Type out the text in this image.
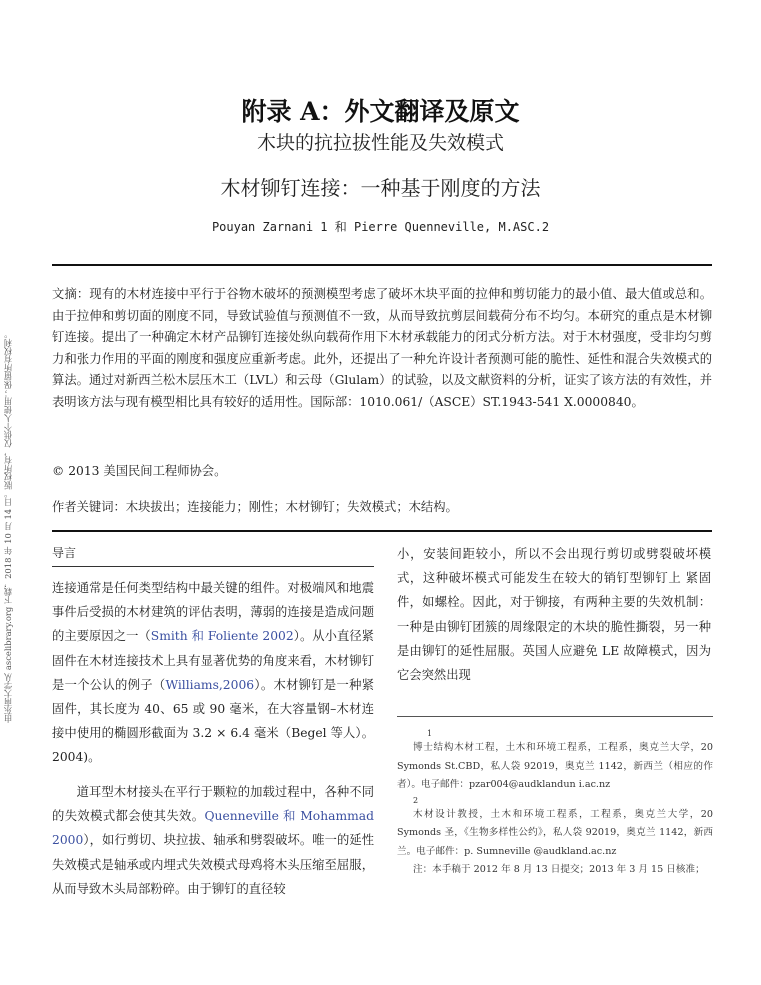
附录 A：外文翻译及原文
木块的抗拉拔性能及失效模式
木材铆钉连接：一种基于刚度的方法
Pouyan Zarnani 1 和 Pierre Quenneville, M.ASC.2
由东南大学从 ascelibrary.org 下载，2018 年 10 月 14 日。版权所有，仅供个人使用；保留所有权利。
文摘：现有的木材连接中平行于谷物木破坏的预测模型考虑了破坏木块平面的拉伸和剪切能力的最小值、最大值或总和。由于拉伸和剪切面的刚度不同，导致试验值与预测值不一致，从而导致抗剪层间载荷分布不均匀。本研究的重点是木材铆钉连接。提出了一种确定木材产品铆钉连接处纵向载荷作用下木材承载能力的闭式分析方法。对于木材强度，受非均匀剪力和张力作用的平面的刚度和强度应重新考虑。此外，还提出了一种允许设计者预测可能的脆性、延性和混合失效模式的算法。通过对新西兰松木层压木工（LVL）和云母（Glulam）的试验，以及文献资料的分析，证实了该方法的有效性，并表明该方法与现有模型相比具有较好的适用性。国际部：1010.061/（ASCE）ST.1943-541 X.0000840。
© 2013 美国民间工程师协会。
作者关键词：木块拔出；连接能力；刚性；木材铆钉；失效模式；木结构。
导言
连接通常是任何类型结构中最关键的组件。对极端风和地震事件后受损的木材建筑的评估表明，薄弱的连接是造成问题的主要原因之一（Smith 和 Foliente 2002）。从小直径紧固件在木材连接技术上具有显著优势的角度来看，木材铆钉是一个公认的例子（Williams,2006）。木材铆钉是一种紧固件，其长度为 40、65 或 90 毫米，在大容量钢–木材连接中使用的椭圆形截面为 3.2 × 6.4 毫米（Begel 等人）。2004)。
道耳型木材接头在平行于颗粒的加载过程中，各种不同的失效模式都会使其失效。Quenneville 和 Mohammad 2000），如行剪切、块拉拔、轴承和劈裂破坏。唯一的延性失效模式是轴承或内埋式失效模式母鸡将木头压缩至屈服，从而导致木头局部粉碎。由于铆钉的直径较
小，安装间距较小，所以不会出现行剪切或劈裂破坏模式，这种破坏模式可能发生在较大的销钉型铆钉上 紧固件，如螺栓。因此，对于铆接，有两种主要的失效机制：一种是由铆钉团簇的周缘限定的木块的脆性撕裂，另一种是由铆钉的延性屈服。英国人应避免 LE 故障模式，因为它会突然出现

1
博士结构木材工程，土木和环境工程系，工程系，奥克兰大学，20 Symonds St.CBD，私人袋 92019，奥克兰 1142，新西兰（相应的作者）。电子邮件：pzar004@audklandun i.ac.nz

2
木材设计教授，土木和环境工程系，工程系，奥克兰大学，20 Symonds 圣，《生物多样性公约》，私人袋 92019，奥克兰 1142，新西兰。电子邮件：p. Sumneville @audkland.ac.nz

注：本手稿于 2012 年 8 月 13 日提交；2013 年 3 月 15 日核准；
